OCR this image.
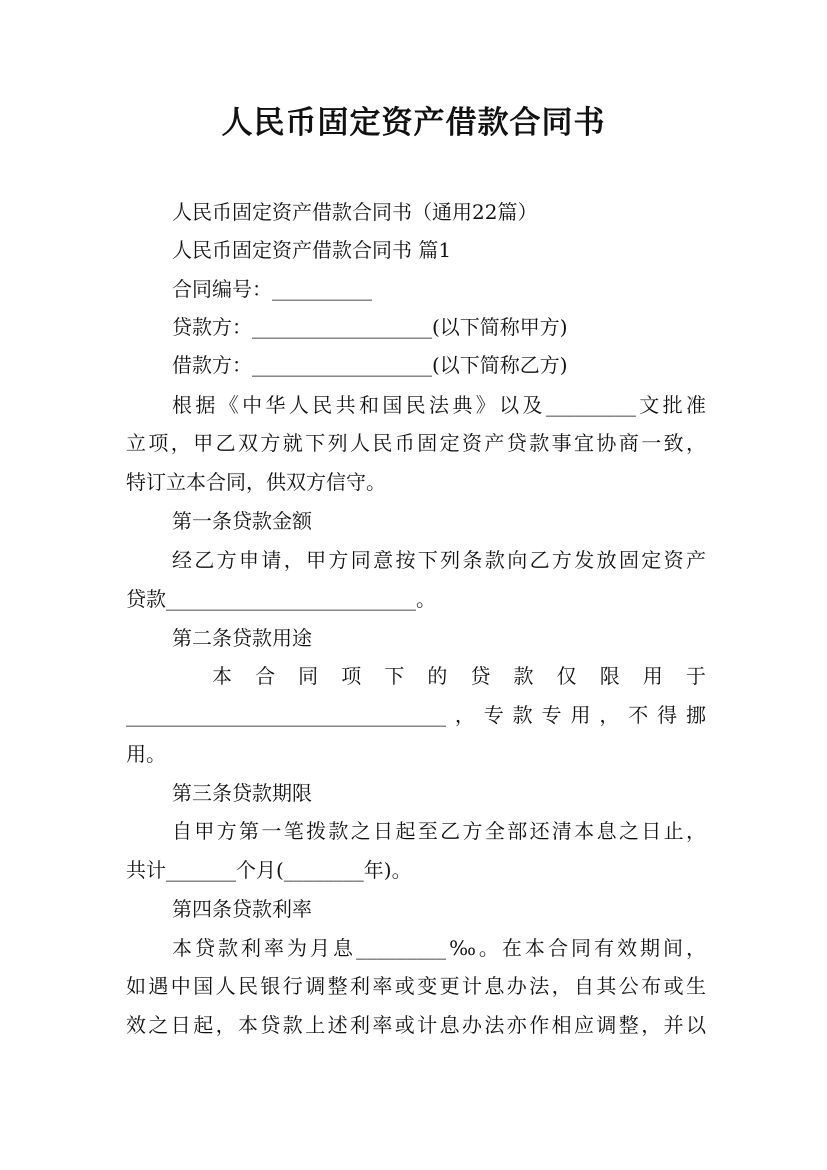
人民币固定资产借款合同书
人民币固定资产借款合同书（通用22篇）
人民币固定资产借款合同书 篇1
合同编号：__________
贷款方：__________________(以下简称甲方)
借款方：__________________(以下简称乙方)
根据《中华人民共和国民法典》以及_________文批准
立项，甲乙双方就下列人民币固定资产贷款事宜协商一致，
特订立本合同，供双方信守。
第一条贷款金额
经乙方申请，甲方同意按下列条款向乙方发放固定资产
贷款_________________________。
第二条贷款用途
本 合 同 项 下 的 贷 款 仅 限 用 于
________________________________，专款专用，不得挪
用。
第三条贷款期限
自甲方第一笔拨款之日起至乙方全部还清本息之日止，
共计_______个月(________年)。
第四条贷款利率
本贷款利率为月息_________‰。在本合同有效期间，
如遇中国人民银行调整利率或变更计息办法，自其公布或生
效之日起，本贷款上述利率或计息办法亦作相应调整，并以
